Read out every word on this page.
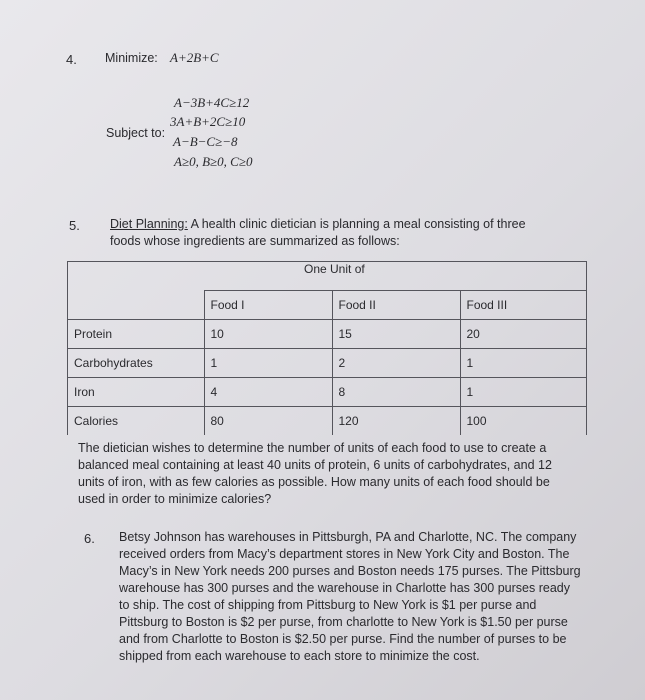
4. Minimize: A+2B+C
Subject to:
A−3B+4C≥12
3A+B+2C≥10
A−B−C≥−8
A≥0, B≥0, C≥0
5. Diet Planning: A health clinic dietician is planning a meal consisting of three foods whose ingredients are summarized as follows:
	One Unit of		
	Food I	Food II	Food III
Protein	10	15	20
Carbohydrates	1	2	1
Iron	4	8	1
Calories	80	120	100
The dietician wishes to determine the number of units of each food to use to create a balanced meal containing at least 40 units of protein, 6 units of carbohydrates, and 12 units of iron, with as few calories as possible. How many units of each food should be used in order to minimize calories?
6. Betsy Johnson has warehouses in Pittsburgh, PA and Charlotte, NC. The company received orders from Macy’s department stores in New York City and Boston. The Macy’s in New York needs 200 purses and Boston needs 175 purses. The Pittsburg warehouse has 300 purses and the warehouse in Charlotte has 300 purses ready to ship. The cost of shipping from Pittsburg to New York is $1 per purse and Pittsburg to Boston is $2 per purse, from charlotte to New York is $1.50 per purse and from Charlotte to Boston is $2.50 per purse. Find the number of purses to be shipped from each warehouse to each store to minimize the cost.
